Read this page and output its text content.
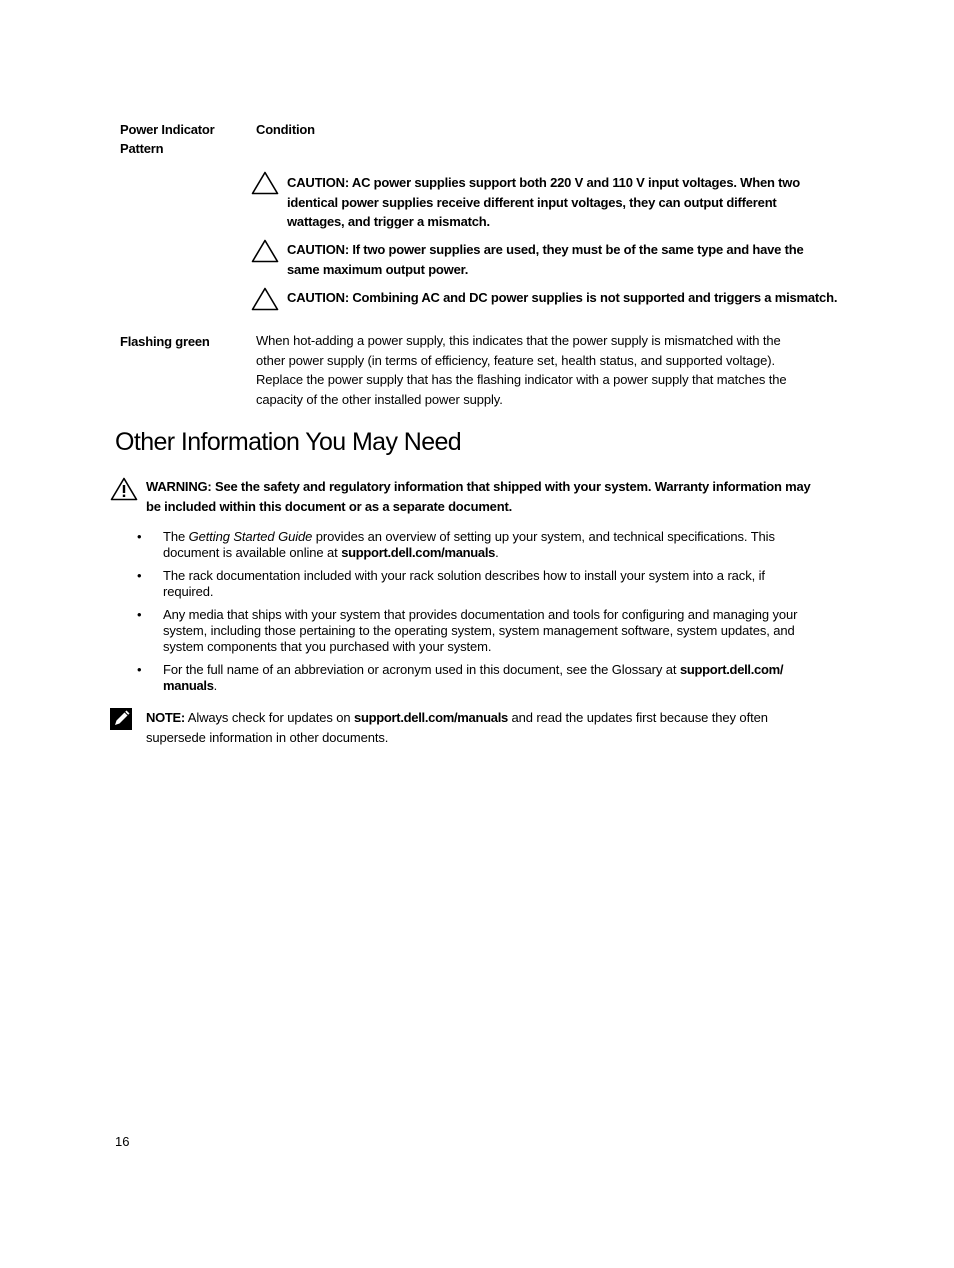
Power Indicator Pattern
Condition
CAUTION: AC power supplies support both 220 V and 110 V input voltages. When two identical power supplies receive different input voltages, they can output different wattages, and trigger a mismatch.
CAUTION: If two power supplies are used, they must be of the same type and have the same maximum output power.
CAUTION: Combining AC and DC power supplies is not supported and triggers a mismatch.
Flashing green	When hot-adding a power supply, this indicates that the power supply is mismatched with the other power supply (in terms of efficiency, feature set, health status, and supported voltage). Replace the power supply that has the flashing indicator with a power supply that matches the capacity of the other installed power supply.
Other Information You May Need
WARNING: See the safety and regulatory information that shipped with your system. Warranty information may be included within this document or as a separate document.
• The Getting Started Guide provides an overview of setting up your system, and technical specifications. This document is available online at support.dell.com/manuals.
• The rack documentation included with your rack solution describes how to install your system into a rack, if required.
• Any media that ships with your system that provides documentation and tools for configuring and managing your system, including those pertaining to the operating system, system management software, system updates, and system components that you purchased with your system.
• For the full name of an abbreviation or acronym used in this document, see the Glossary at support.dell.com/ manuals.
NOTE: Always check for updates on support.dell.com/manuals and read the updates first because they often supersede information in other documents.
16
